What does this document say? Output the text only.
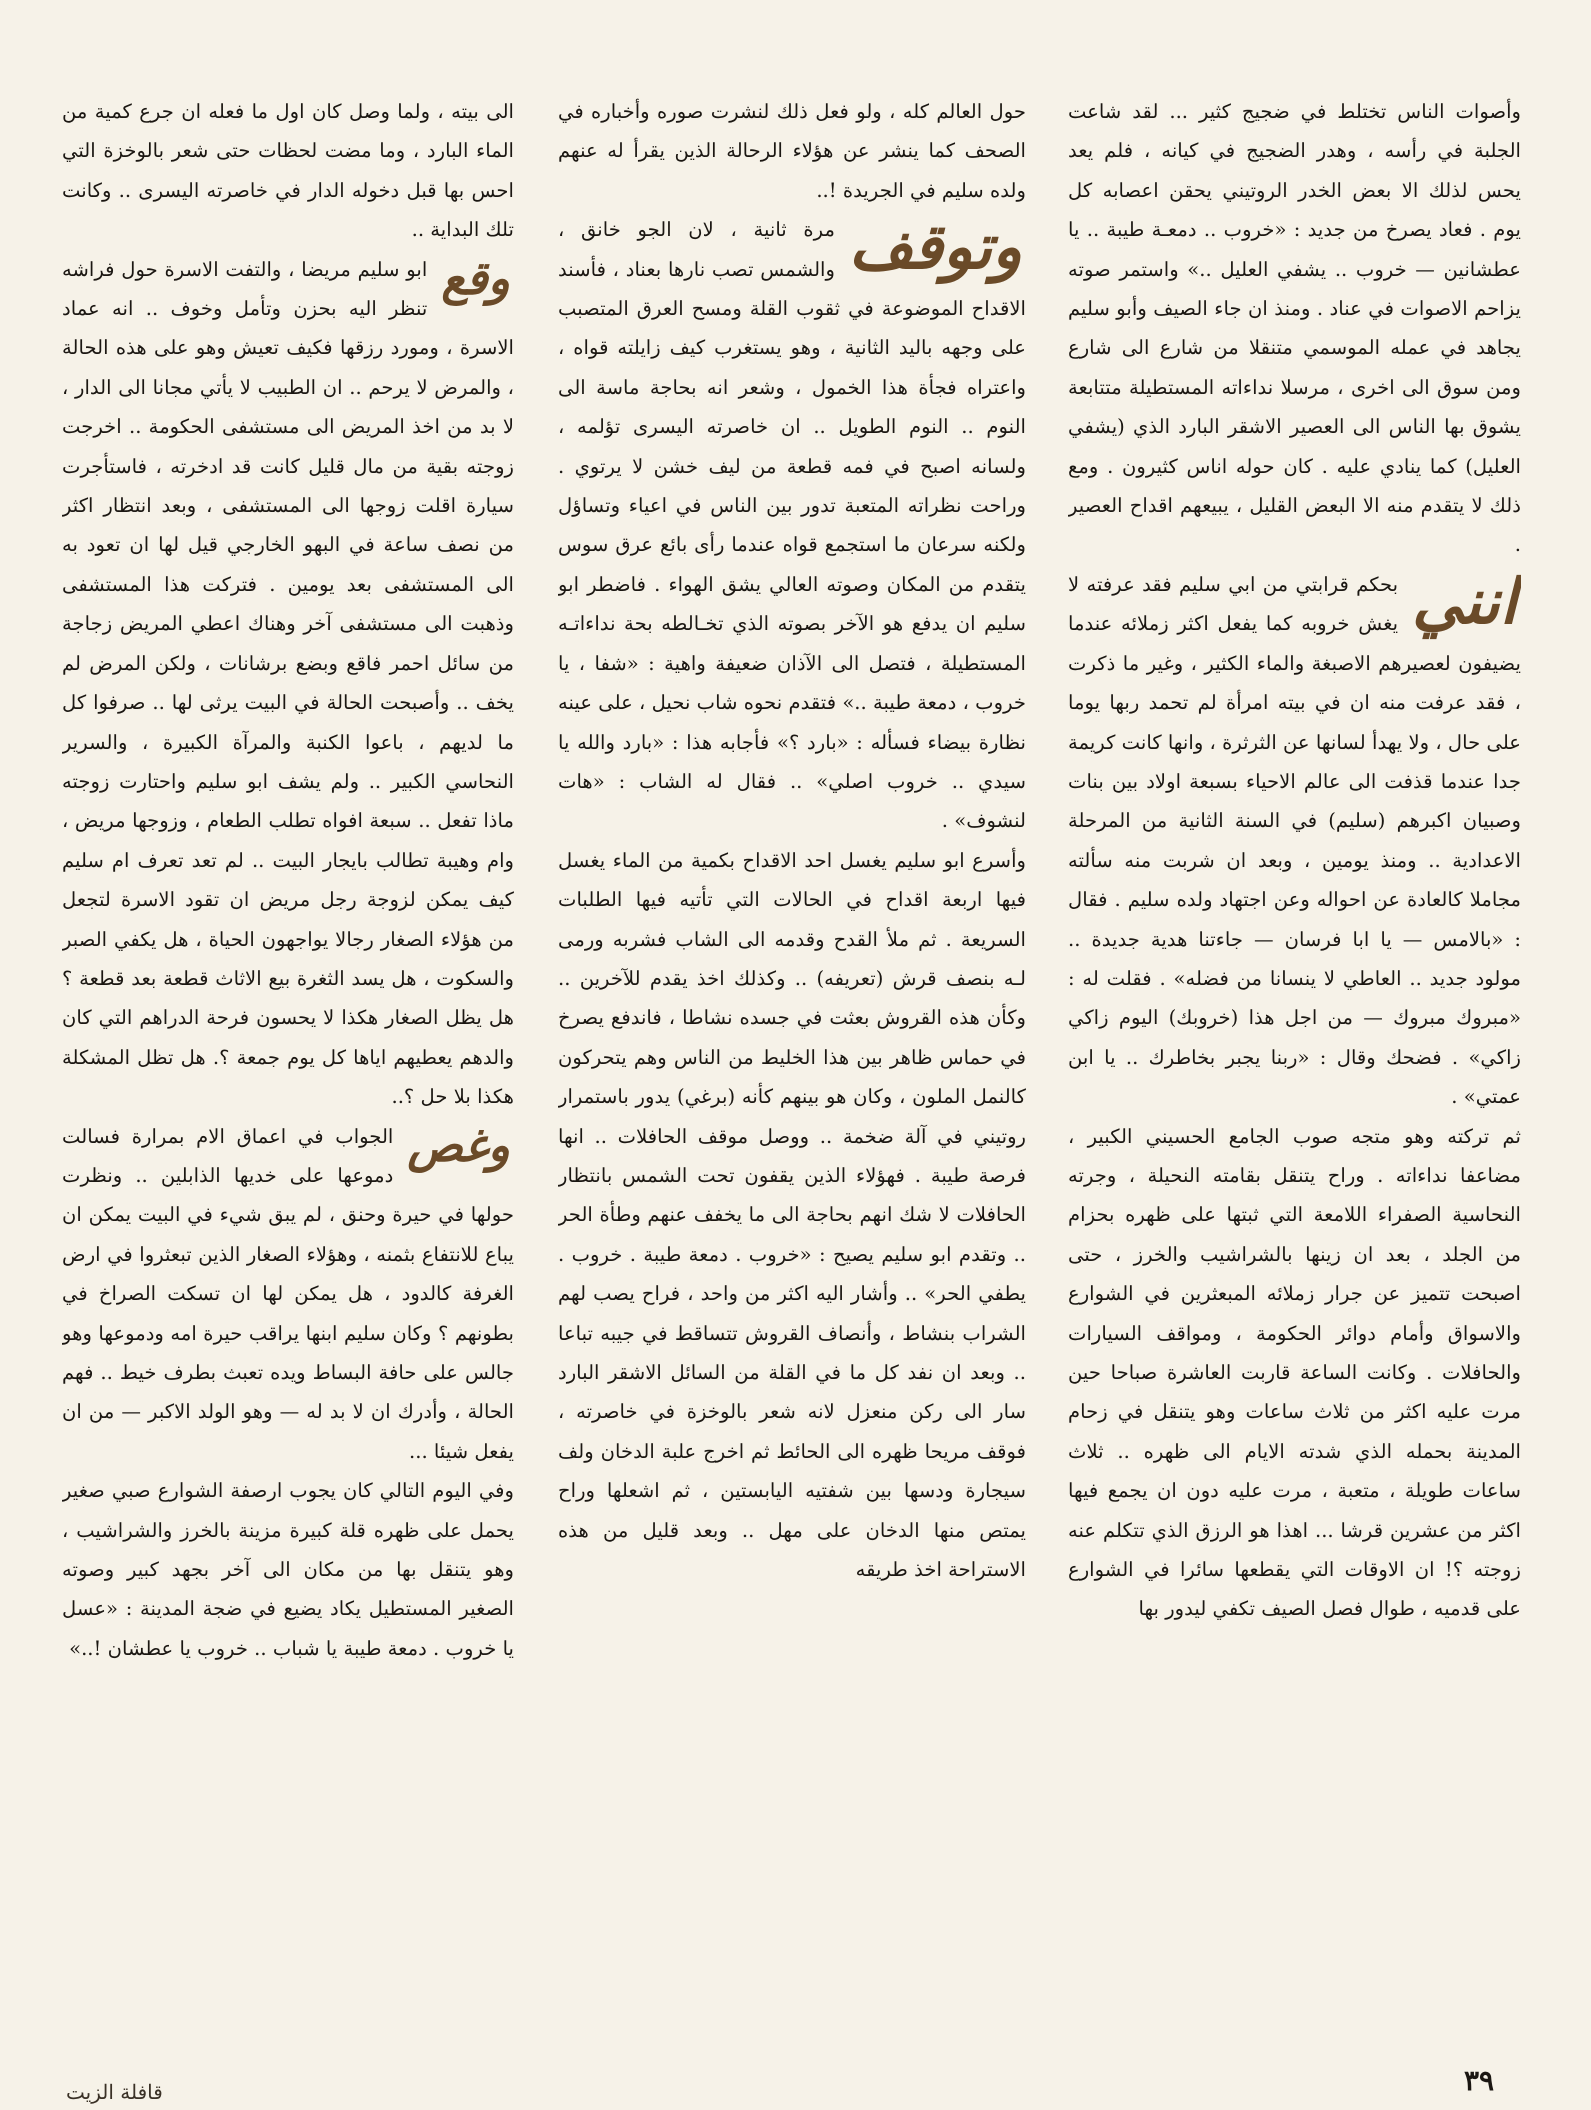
وأصوات الناس تختلط في ضجيج كثير ... لقد شاعت الجلبة في رأسه ، وهدر الضجيج في كيانه ، فلم يعد يحس لذلك الا بعض الخدر الروتيني يحقن اعصابه كل يوم . فعاد يصرخ من جديد : «خروب .. دمعـة طيبة .. يا عطشانين — خروب .. يشفي العليل ..» واستمر صوته يزاحم الاصوات في عناد . ومنذ ان جاء الصيف وأبو سليم يجاهد في عمله الموسمي متنقلا من شارع الى شارع ومن سوق الى اخرى ، مرسلا نداءاته المستطيلة متتابعة يشوق بها الناس الى العصير الاشقر البارد الذي (يشفي العليل) كما ينادي عليه . كان حوله اناس كثيرون . ومع ذلك لا يتقدم منه الا البعض القليل ، يبيعهم اقداح العصير .

انني
بحكم قرابتي من ابي سليم فقد عرفته لا يغش خروبه كما يفعل اكثر زملائه عندما يضيفون لعصيرهم الاصبغة والماء الكثير ، وغير ما ذكرت ، فقد عرفت منه ان في بيته امرأة لم تحمد ربها يوما على حال ، ولا يهدأ لسانها عن الثرثرة ، وانها كانت كريمة جدا عندما قذفت الى عالم الاحياء بسبعة اولاد بين بنات وصبيان اكبرهم (سليم) في السنة الثانية من المرحلة الاعدادية .. ومنذ يومين ، وبعد ان شربت منه سألته مجاملا كالعادة عن احواله وعن اجتهاد ولده سليم . فقال : «بالامس — يا ابا فرسان — جاءتنا هدية جديدة .. مولود جديد .. العاطي لا ينسانا من فضله» . فقلت له : «مبروك مبروك — من اجل هذا (خروبك) اليوم زاكي زاكي» . فضحك وقال : «ربنا يجبر بخاطرك .. يا ابن عمتي» .

ثم تركته وهو متجه صوب الجامع الحسيني الكبير ، مضاعفا نداءاته . وراح يتنقل بقامته النحيلة ، وجرته النحاسية الصفراء اللامعة التي ثبتها على ظهره بحزام من الجلد ، بعد ان زينها بالشراشيب والخرز ، حتى اصبحت تتميز عن جرار زملائه المبعثرين في الشوارع والاسواق وأمام دوائر الحكومة ، ومواقف السيارات والحافلات . وكانت الساعة قاربت العاشرة صباحا حين مرت عليه اكثر من ثلاث ساعات وهو يتنقل في زحام المدينة بحمله الذي شدته الايام الى ظهره .. ثلاث ساعات طويلة ، متعبة ، مرت عليه دون ان يجمع فيها اكثر من عشرين قرشا ... اهذا هو الرزق الذي تتكلم عنه زوجته ؟! ان الاوقات التي يقطعها سائرا في الشوارع على قدميه ، طوال فصل الصيف تكفي ليدور بها

حول العالم كله ، ولو فعل ذلك لنشرت صوره وأخباره في الصحف كما ينشر عن هؤلاء الرحالة الذين يقرأ له عنهم ولده سليم في الجريدة !..

وتوقف
مرة ثانية ، لان الجو خانق ، والشمس تصب نارها بعناد ، فأسند الاقداح الموضوعة في ثقوب القلة ومسح العرق المتصبب على وجهه باليد الثانية ، وهو يستغرب كيف زايلته قواه ، واعتراه فجأة هذا الخمول ، وشعر انه بحاجة ماسة الى النوم .. النوم الطويل .. ان خاصرته اليسرى تؤلمه ، ولسانه اصبح في فمه قطعة من ليف خشن لا يرتوي . وراحت نظراته المتعبة تدور بين الناس في اعياء وتساؤل ولكنه سرعان ما استجمع قواه عندما رأى بائع عرق سوس يتقدم من المكان وصوته العالي يشق الهواء . فاضطر ابو سليم ان يدفع هو الآخر بصوته الذي تخـالطه بحة نداءاتـه المستطيلة ، فتصل الى الآذان ضعيفة واهية : «شفا ، يا خروب ، دمعة طيبة ..» فتقدم نحوه شاب نحيل ، على عينه نظارة بيضاء فسأله : «بارد ؟» فأجابه هذا : «بارد والله يا سيدي .. خروب اصلي» .. فقال له الشاب : «هات لنشوف» .

وأسرع ابو سليم يغسل احد الاقداح بكمية من الماء يغسل فيها اربعة اقداح في الحالات التي تأتيه فيها الطلبات السريعة . ثم ملأ القدح وقدمه الى الشاب فشربه ورمى لـه بنصف قرش (تعريفه) .. وكذلك اخذ يقدم للآخرين .. وكأن هذه القروش بعثت في جسده نشاطا ، فاندفع يصرخ في حماس ظاهر بين هذا الخليط من الناس وهم يتحركون كالنمل الملون ، وكان هو بينهم كأنه (برغي) يدور باستمرار روتيني في آلة ضخمة .. ووصل موقف الحافلات .. انها فرصة طيبة . فهؤلاء الذين يقفون تحت الشمس بانتظار الحافلات لا شك انهم بحاجة الى ما يخفف عنهم وطأة الحر .. وتقدم ابو سليم يصيح : «خروب . دمعة طيبة . خروب . يطفي الحر» .. وأشار اليه اكثر من واحد ، فراح يصب لهم الشراب بنشاط ، وأنصاف القروش تتساقط في جيبه تباعا .. وبعد ان نفد كل ما في القلة من السائل الاشقر البارد سار الى ركن منعزل لانه شعر بالوخزة في خاصرته ، فوقف مريحا ظهره الى الحائط ثم اخرج علبة الدخان ولف سيجارة ودسها بين شفتيه اليابستين ، ثم اشعلها وراح يمتص منها الدخان على مهل .. وبعد قليل من هذه الاستراحة اخذ طريقه

الى بيته ، ولما وصل كان اول ما فعله ان جرع كمية من الماء البارد ، وما مضت لحظات حتى شعر بالوخزة التي احس بها قبل دخوله الدار في خاصرته اليسرى .. وكانت تلك البداية ..

وقع
ابو سليم مريضا ، والتفت الاسرة حول فراشه تنظر اليه بحزن وتأمل وخوف .. انه عماد الاسرة ، ومورد رزقها فكيف تعيش وهو على هذه الحالة ، والمرض لا يرحم .. ان الطبيب لا يأتي مجانا الى الدار ، لا بد من اخذ المريض الى مستشفى الحكومة .. اخرجت زوجته بقية من مال قليل كانت قد ادخرته ، فاستأجرت سيارة اقلت زوجها الى المستشفى ، وبعد انتظار اكثر من نصف ساعة في البهو الخارجي قيل لها ان تعود به الى المستشفى بعد يومين . فتركت هذا المستشفى وذهبت الى مستشفى آخر وهناك اعطي المريض زجاجة من سائل احمر فاقع وبضع برشانات ، ولكن المرض لم يخف .. وأصبحت الحالة في البيت يرثى لها .. صرفوا كل ما لديهم ، باعوا الكنبة والمرآة الكبيرة ، والسرير النحاسي الكبير .. ولم يشف ابو سليم واحتارت زوجته ماذا تفعل .. سبعة افواه تطلب الطعام ، وزوجها مريض ، وام وهيبة تطالب بايجار البيت .. لم تعد تعرف ام سليم كيف يمكن لزوجة رجل مريض ان تقود الاسرة لتجعل من هؤلاء الصغار رجالا يواجهون الحياة ، هل يكفي الصبر والسكوت ، هل يسد الثغرة بيع الاثاث قطعة بعد قطعة ؟ هل يظل الصغار هكذا لا يحسون فرحة الدراهم التي كان والدهم يعطيهم اياها كل يوم جمعة ؟. هل تظل المشكلة هكذا بلا حل ؟..

وغص
الجواب في اعماق الام بمرارة فسالت دموعها على خديها الذابلين .. ونظرت حولها في حيرة وحنق ، لم يبق شيء في البيت يمكن ان يباع للانتفاع بثمنه ، وهؤلاء الصغار الذين تبعثروا في ارض الغرفة كالدود ، هل يمكن لها ان تسكت الصراخ في بطونهم ؟ وكان سليم ابنها يراقب حيرة امه ودموعها وهو جالس على حافة البساط ويده تعبث بطرف خيط .. فهم الحالة ، وأدرك ان لا بد له — وهو الولد الاكبر — من ان يفعل شيئا ...

وفي اليوم التالي كان يجوب ارصفة الشوارع صبي صغير يحمل على ظهره قلة كبيرة مزينة بالخرز والشراشيب ، وهو يتنقل بها من مكان الى آخر بجهد كبير وصوته الصغير المستطيل يكاد يضيع في ضجة المدينة : «عسل يا خروب . دمعة طيبة يا شباب .. خروب يا عطشان !..»

٣٩
قافلة الزيت
